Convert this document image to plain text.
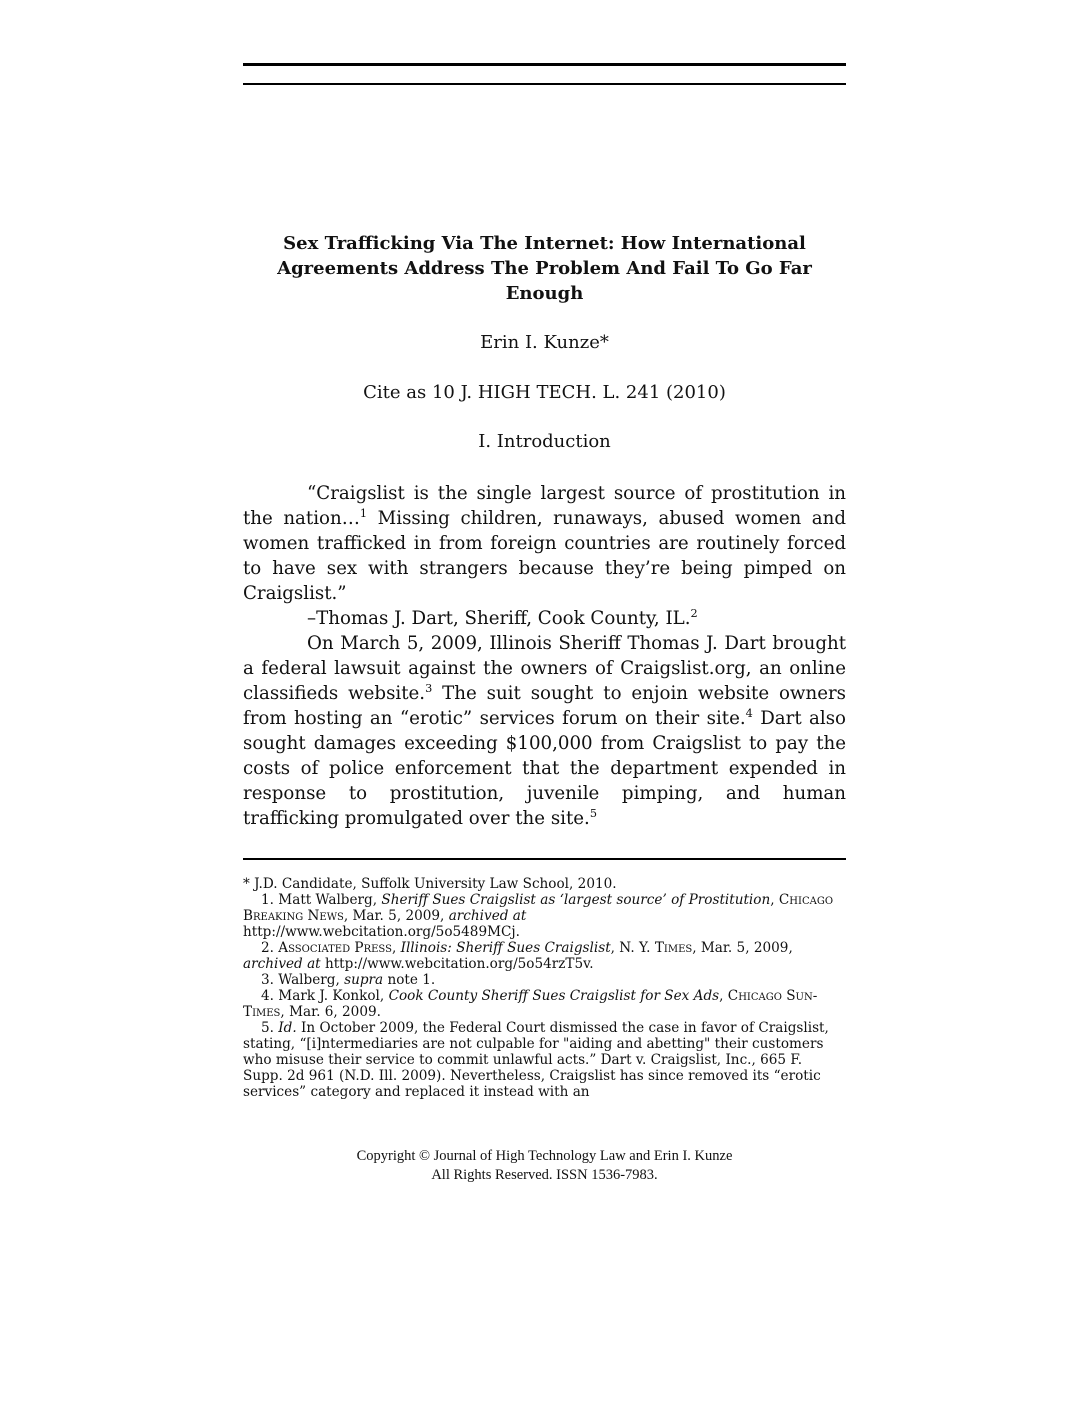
Sex Trafficking Via The Internet: How International Agreements Address The Problem And Fail To Go Far Enough
Erin I. Kunze*
Cite as 10 J. HIGH TECH. L. 241 (2010)
I. Introduction
“Craigslist is the single largest source of prostitution in the nation…$^1$ Missing children, runaways, abused women and women trafficked in from foreign countries are routinely forced to have sex with strangers because they’re being pimped on Craigslist.”
–Thomas J. Dart, Sheriff, Cook County, IL.$^2$
On March 5, 2009, Illinois Sheriff Thomas J. Dart brought a federal lawsuit against the owners of Craigslist.org, an online classifieds website.$^3$ The suit sought to enjoin website owners from hosting an “erotic” services forum on their site.$^4$ Dart also sought damages exceeding $100,000 from Craigslist to pay the costs of police enforcement that the department expended in response to prostitution, juvenile pimping, and human trafficking promulgated over the site.$^5$
* J.D. Candidate, Suffolk University Law School, 2010.
1. Matt Walberg, Sheriff Sues Craigslist as ‘largest source’ of Prostitution, Chicago Breaking News, Mar. 5, 2009, archived at
http://www.webcitation.org/5o5489MCj.
2. Associated Press, Illinois: Sheriff Sues Craigslist, N. Y. Times, Mar. 5, 2009, archived at http://www.webcitation.org/5o54rzT5v.
3. Walberg, supra note 1.
4. Mark J. Konkol, Cook County Sheriff Sues Craigslist for Sex Ads, Chicago Sun-Times, Mar. 6, 2009.
5. Id. In October 2009, the Federal Court dismissed the case in favor of Craigslist, stating, “[i]ntermediaries are not culpable for "aiding and abetting" their customers who misuse their service to commit unlawful acts.” Dart v. Craigslist, Inc., 665 F. Supp. 2d 961 (N.D. Ill. 2009). Nevertheless, Craigslist has since removed its “erotic services” category and replaced it instead with an
Copyright © Journal of High Technology Law and Erin I. Kunze
All Rights Reserved. ISSN 1536-7983.
